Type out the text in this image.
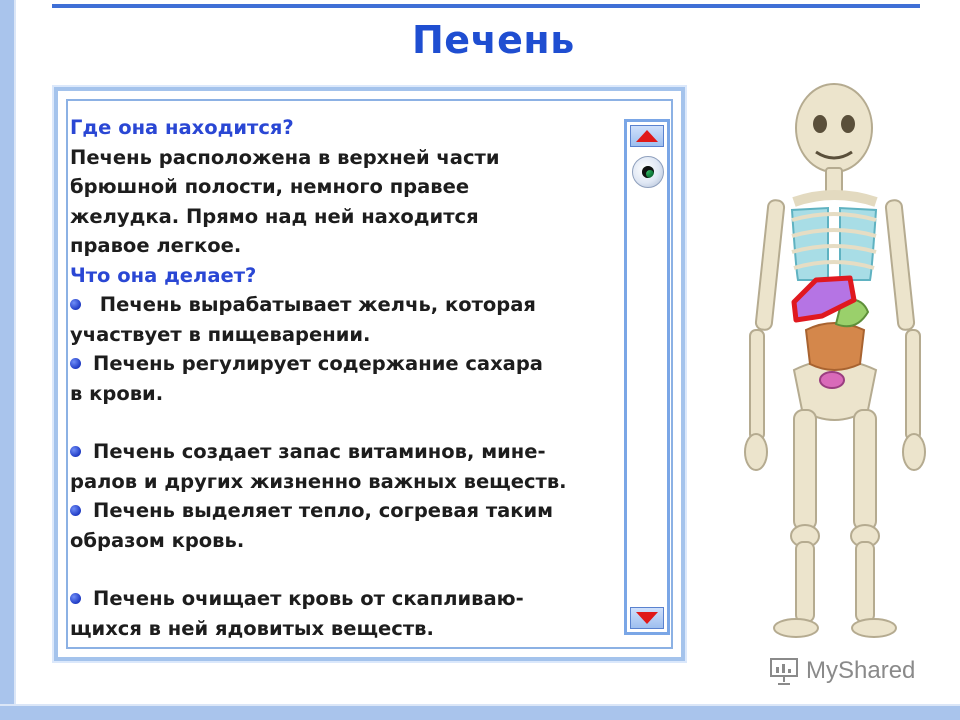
Печень

Где она находится?

Печень расположена в верхней части

брюшной полости, немного правее

желудка. Прямо над ней находится

правое легкое.

Что она делает?

Печень вырабатывает желчь, которая

участвует в пищеварении.

Печень регулирует содержание сахара

в крови.

Печень создает запас витаминов, мине-

ралов и других жизненно важных веществ.

Печень выделяет тепло, согревая таким

образом кровь.

Печень очищает кровь от скапливаю-

щихся в ней ядовитых веществ.

MyShared
